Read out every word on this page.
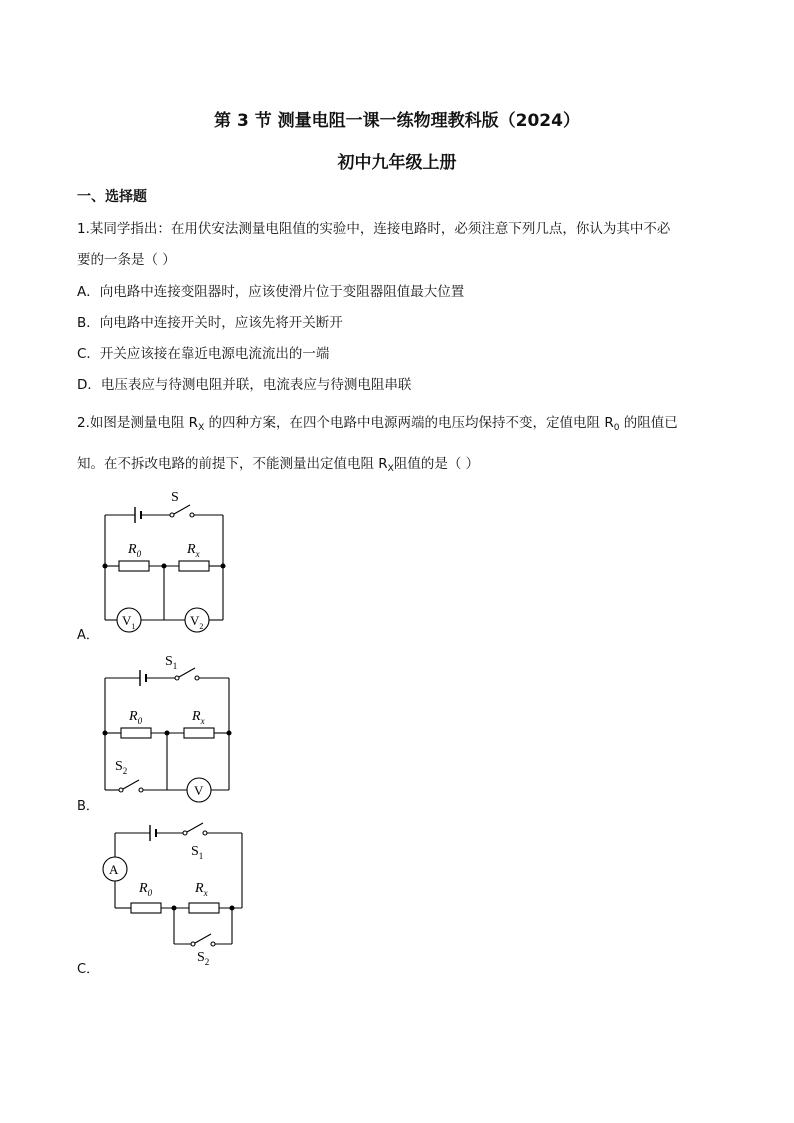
第 3 节 测量电阻一课一练物理教科版（2024）
初中九年级上册
一、选择题
1.某同学指出：在用伏安法测量电阻值的实验中，连接电路时，必须注意下列几点，你认为其中不必
要的一条是（ ）
A．向电路中连接变阻器时，应该使滑片位于变阻器阻值最大位置
B．向电路中连接开关时，应该先将开关断开
C．开关应该接在靠近电源电流流出的一端
D．电压表应与待测电阻并联，电流表应与待测电阻串联
2.如图是测量电阻 $R_X$ 的四种方案，在四个电路中电源两端的电压均保持不变，定值电阻 $R_0$ 的阻值已
知。在不拆改电路的前提下，不能测量出定值电阻 $R_X$阻值的是（ ）
A．
S
$R_0$	$R_x$
$V_1$	$V_2$
B．
$S_1$
$R_0$	$R_x$
$S_2$
V
C．
A
$S_1$
$R_0$	$R_x$
$S_2$
